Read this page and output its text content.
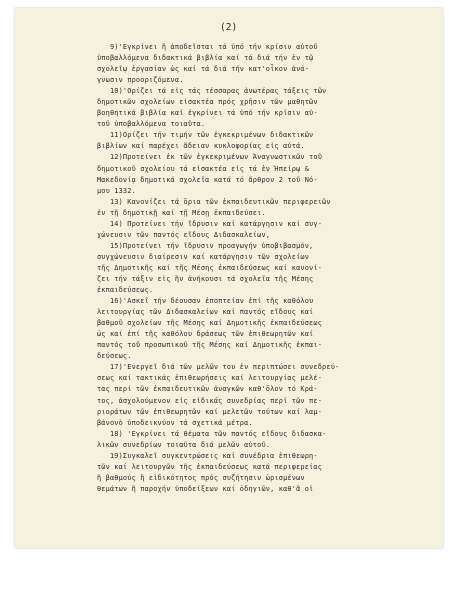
(2)
9)'Εγκρίνει ἢ ἀποδεῖσται τά ὑπό τήν κρίσιν αὐτοῦ
ὑποβαλλόμενα διδακτικά βιβλία καί τά διά τήν ἐν τῷ
σχολεῖῳ ἐργασίαν ὡς καί τά διά τήν κατ'οἶκον ἀνά-
γνωσιν προοριζόμενα.
10)'Ορίζει τά εἰς τάς τέσσαρας ἀνωτέρας τάξεις τῶν
δημοτικῶν σχολείων εἰσακτέα πρός χρῆσιν τῶν μαθητῶν
βοηθητικά βιβλία καί ἐγκρίνει τά ὑπό τήν κρίσιν αὐ-
τοῦ ὑποβαλλόμενα τοιαῦτα.
11)Ορίζει τήν τιμήν τῶν ἐγκεκριμένων διδακτικῶν
βιβλίων καί παρέχει ἄδειαν κυκλοφορίας εἰς αὐτά.
12)Προτείνει ἐκ τῶν ἐγκεκριμένων Ἀναγνωστικῶν τοῦ
δημοτικοῦ σχολείου τά εἰσακτέα εἰς τά ἐν Ἠπείρῳ &
Μακεδονίᾳ δημοτικά σχολεῖα κατά τό ἄρθρον 2 τοῦ Νό-
μου 1332.
13) Κανονίζει τά ὅρια τῶν ἐκπαιδευτικῶν περιφερειῶν
ἐν τῇ δημοτικῇ καί τῇ Μέσῃ ἐκπαιδεύσει.
14) Προτείνει τήν ἵδρυσιν καί κατάργησιν καί συγ-
χώνευσιν τῶν παντός εἴδους Διδασκαλείων,
15)Προτείνει τήν ἵδρυσιν προαγωγήν ὑποβιβασμόν,
συγχώνευσιν διαίρεσιν καί κατάργησιν τῶν σχολείων
τῆς Δημοτικῆς καί τῆς Μέσης ἐκπαιδεύσεως καί κανονί-
ζει τήν τάξιν εἰς ἣν ἀνήκουσι τά σχολεῖα τῆς Μέσης
ἐκπαιδεύσεως.
16)'Ασκεῖ τήν δέουσαν ἐποπτείαν ἐπί τῆς καθόλου
λειτουργίας τῶν Διδασκαλείων καί παντός εἴδους καί
βαθμοῦ σχολείων τῆς Μέσης καί Δημοτικῆς ἐκπαιδεύσεως
ὡς καί ἐπί τῆς καθόλου δράσεως τῶν ἐπιθεωρητῶν καί
παντός τοῦ προσωπικοῦ τῆς Μέσης καί Δημοτικῆς ἐκπαι-
δεύσεως.
17)'Ενεργεῖ διά τῶν μελῶν του ἐν περιπτώσει συνεδρεύ-
σεως καί τακτικάς ἐπιθεωρήσεις καί λειτουργίας μελέ-
τας περί τῶν ἐκπαιδευτικῶν ἀναγκῶν καθ'ὅλον τό Κρά-
τος, ἀσχολούμενον εἰς εἰδικάς συνεδρίας περί τῶν πε-
ριοράτων τῶν ἐπιθεωρητῶν καί μελετῶν τούτων καί λαμ-
βάνονὸ ὑποδεικνύον τά σχετικά μέτρα.
18) 'Εγκρίνει τά θέματα τῶν παντός εἴδους διδασκα-
λικῶν συνεδρίων τοιαῦτα διά μελῶν αὐτοῦ.
19)Συγκαλεῖ συγκεντρώσεις καί συνέδρια ἐπιθεωρη-
τῶν καί λειτουργῶν τῆς ἐκπαιδεύσεως κατά περιφερείας
ἢ βαθμούς ἢ εἰδικότητος πρός συζήτησιν ὡρισμένων
θεμάτων ἢ παροχήν ὑποδείξεων καί ὁδηγιῶν, καθ'ἃ οἱ
